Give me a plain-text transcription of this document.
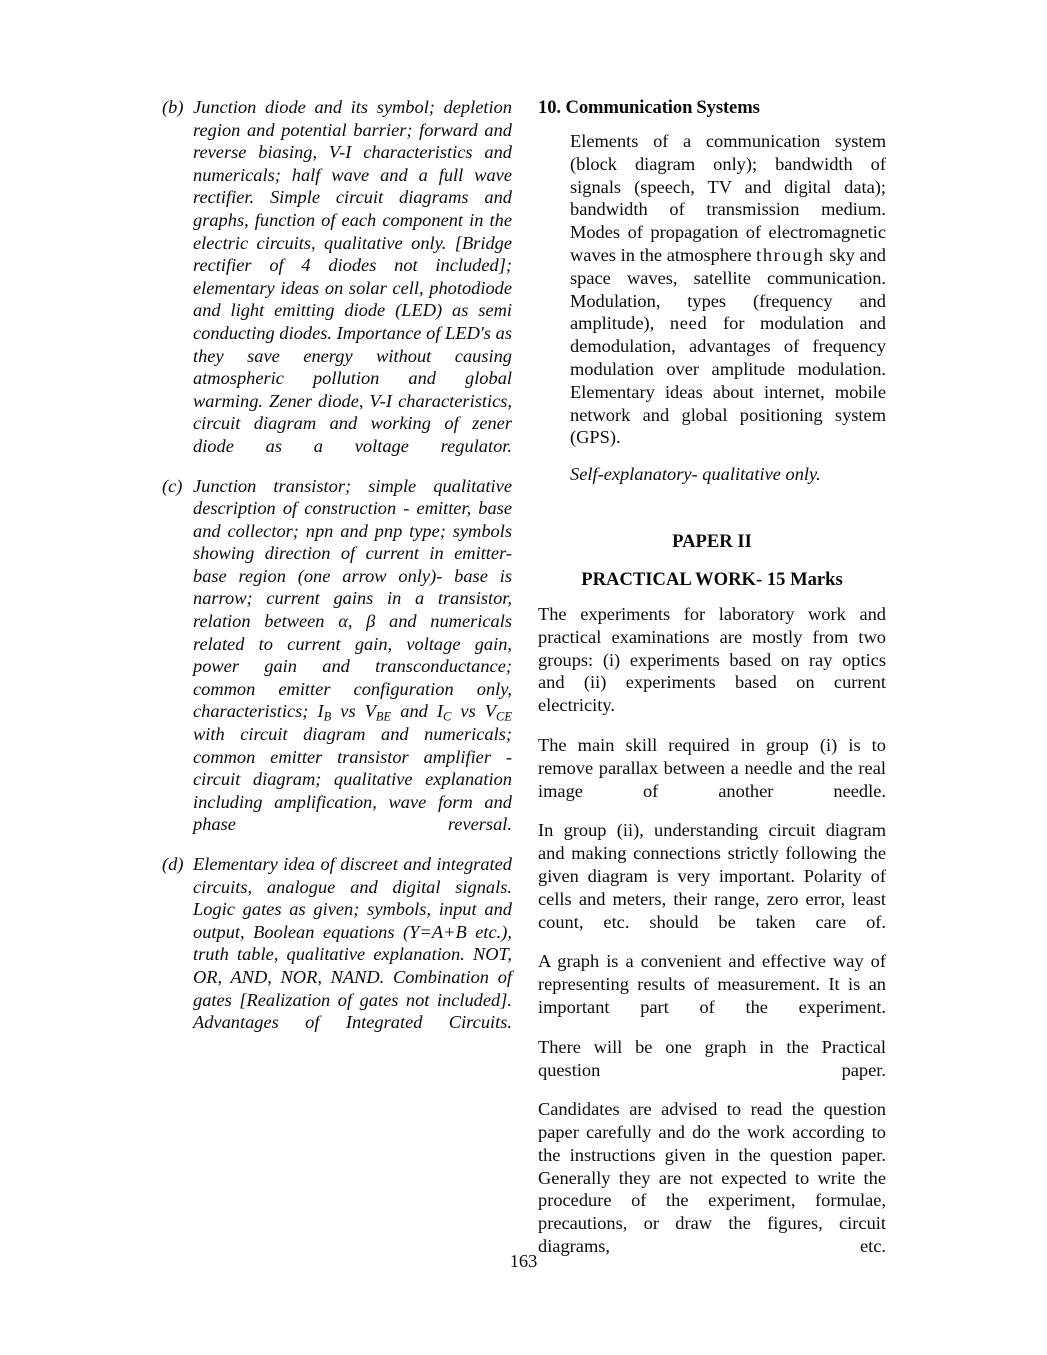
(b) Junction diode and its symbol; depletion region and potential barrier; forward and reverse biasing, V-I characteristics and numericals; half wave and a full wave rectifier. Simple circuit diagrams and graphs, function of each component in the electric circuits, qualitative only. [Bridge rectifier of 4 diodes not included]; elementary ideas on solar cell, photodiode and light emitting diode (LED) as semi conducting diodes. Importance of LED's as they save energy without causing atmospheric pollution and global warming. Zener diode, V-I characteristics, circuit diagram and working of zener diode as a voltage regulator.
(c) Junction transistor; simple qualitative description of construction - emitter, base and collector; npn and pnp type; symbols showing direction of current in emitter-base region (one arrow only)- base is narrow; current gains in a transistor, relation between α, β and numericals related to current gain, voltage gain, power gain and transconductance; common emitter configuration only, characteristics; $I_B$ vs $V_{BE}$ and $I_C$ vs $V_{CE}$ with circuit diagram and numericals; common emitter transistor amplifier - circuit diagram; qualitative explanation including amplification, wave form and phase reversal.
(d) Elementary idea of discreet and integrated circuits, analogue and digital signals. Logic gates as given; symbols, input and output, Boolean equations (Y=A+B etc.), truth table, qualitative explanation. NOT, OR, AND, NOR, NAND. Combination of gates [Realization of gates not included]. Advantages of Integrated Circuits.
10. Communication Systems

Elements of a communication system (block diagram only); bandwidth of signals (speech, TV and digital data); bandwidth of transmission medium. Modes of propagation of electromagnetic waves in the atmosphere through sky and space waves, satellite communication. Modulation, types (frequency and amplitude), need for modulation and demodulation, advantages of frequency modulation over amplitude modulation. Elementary ideas about internet, mobile network and global positioning system (GPS).

Self-explanatory- qualitative only.

PAPER II
PRACTICAL WORK- 15 Marks

The experiments for laboratory work and practical examinations are mostly from two groups: (i) experiments based on ray optics and (ii) experiments based on current electricity.

The main skill required in group (i) is to remove parallax between a needle and the real image of another needle.

In group (ii), understanding circuit diagram and making connections strictly following the given diagram is very important. Polarity of cells and meters, their range, zero error, least count, etc. should be taken care of.

A graph is a convenient and effective way of representing results of measurement. It is an important part of the experiment.

There will be one graph in the Practical question paper.

Candidates are advised to read the question paper carefully and do the work according to the instructions given in the question paper. Generally they are not expected to write the procedure of the experiment, formulae, precautions, or draw the figures, circuit diagrams, etc.

163
